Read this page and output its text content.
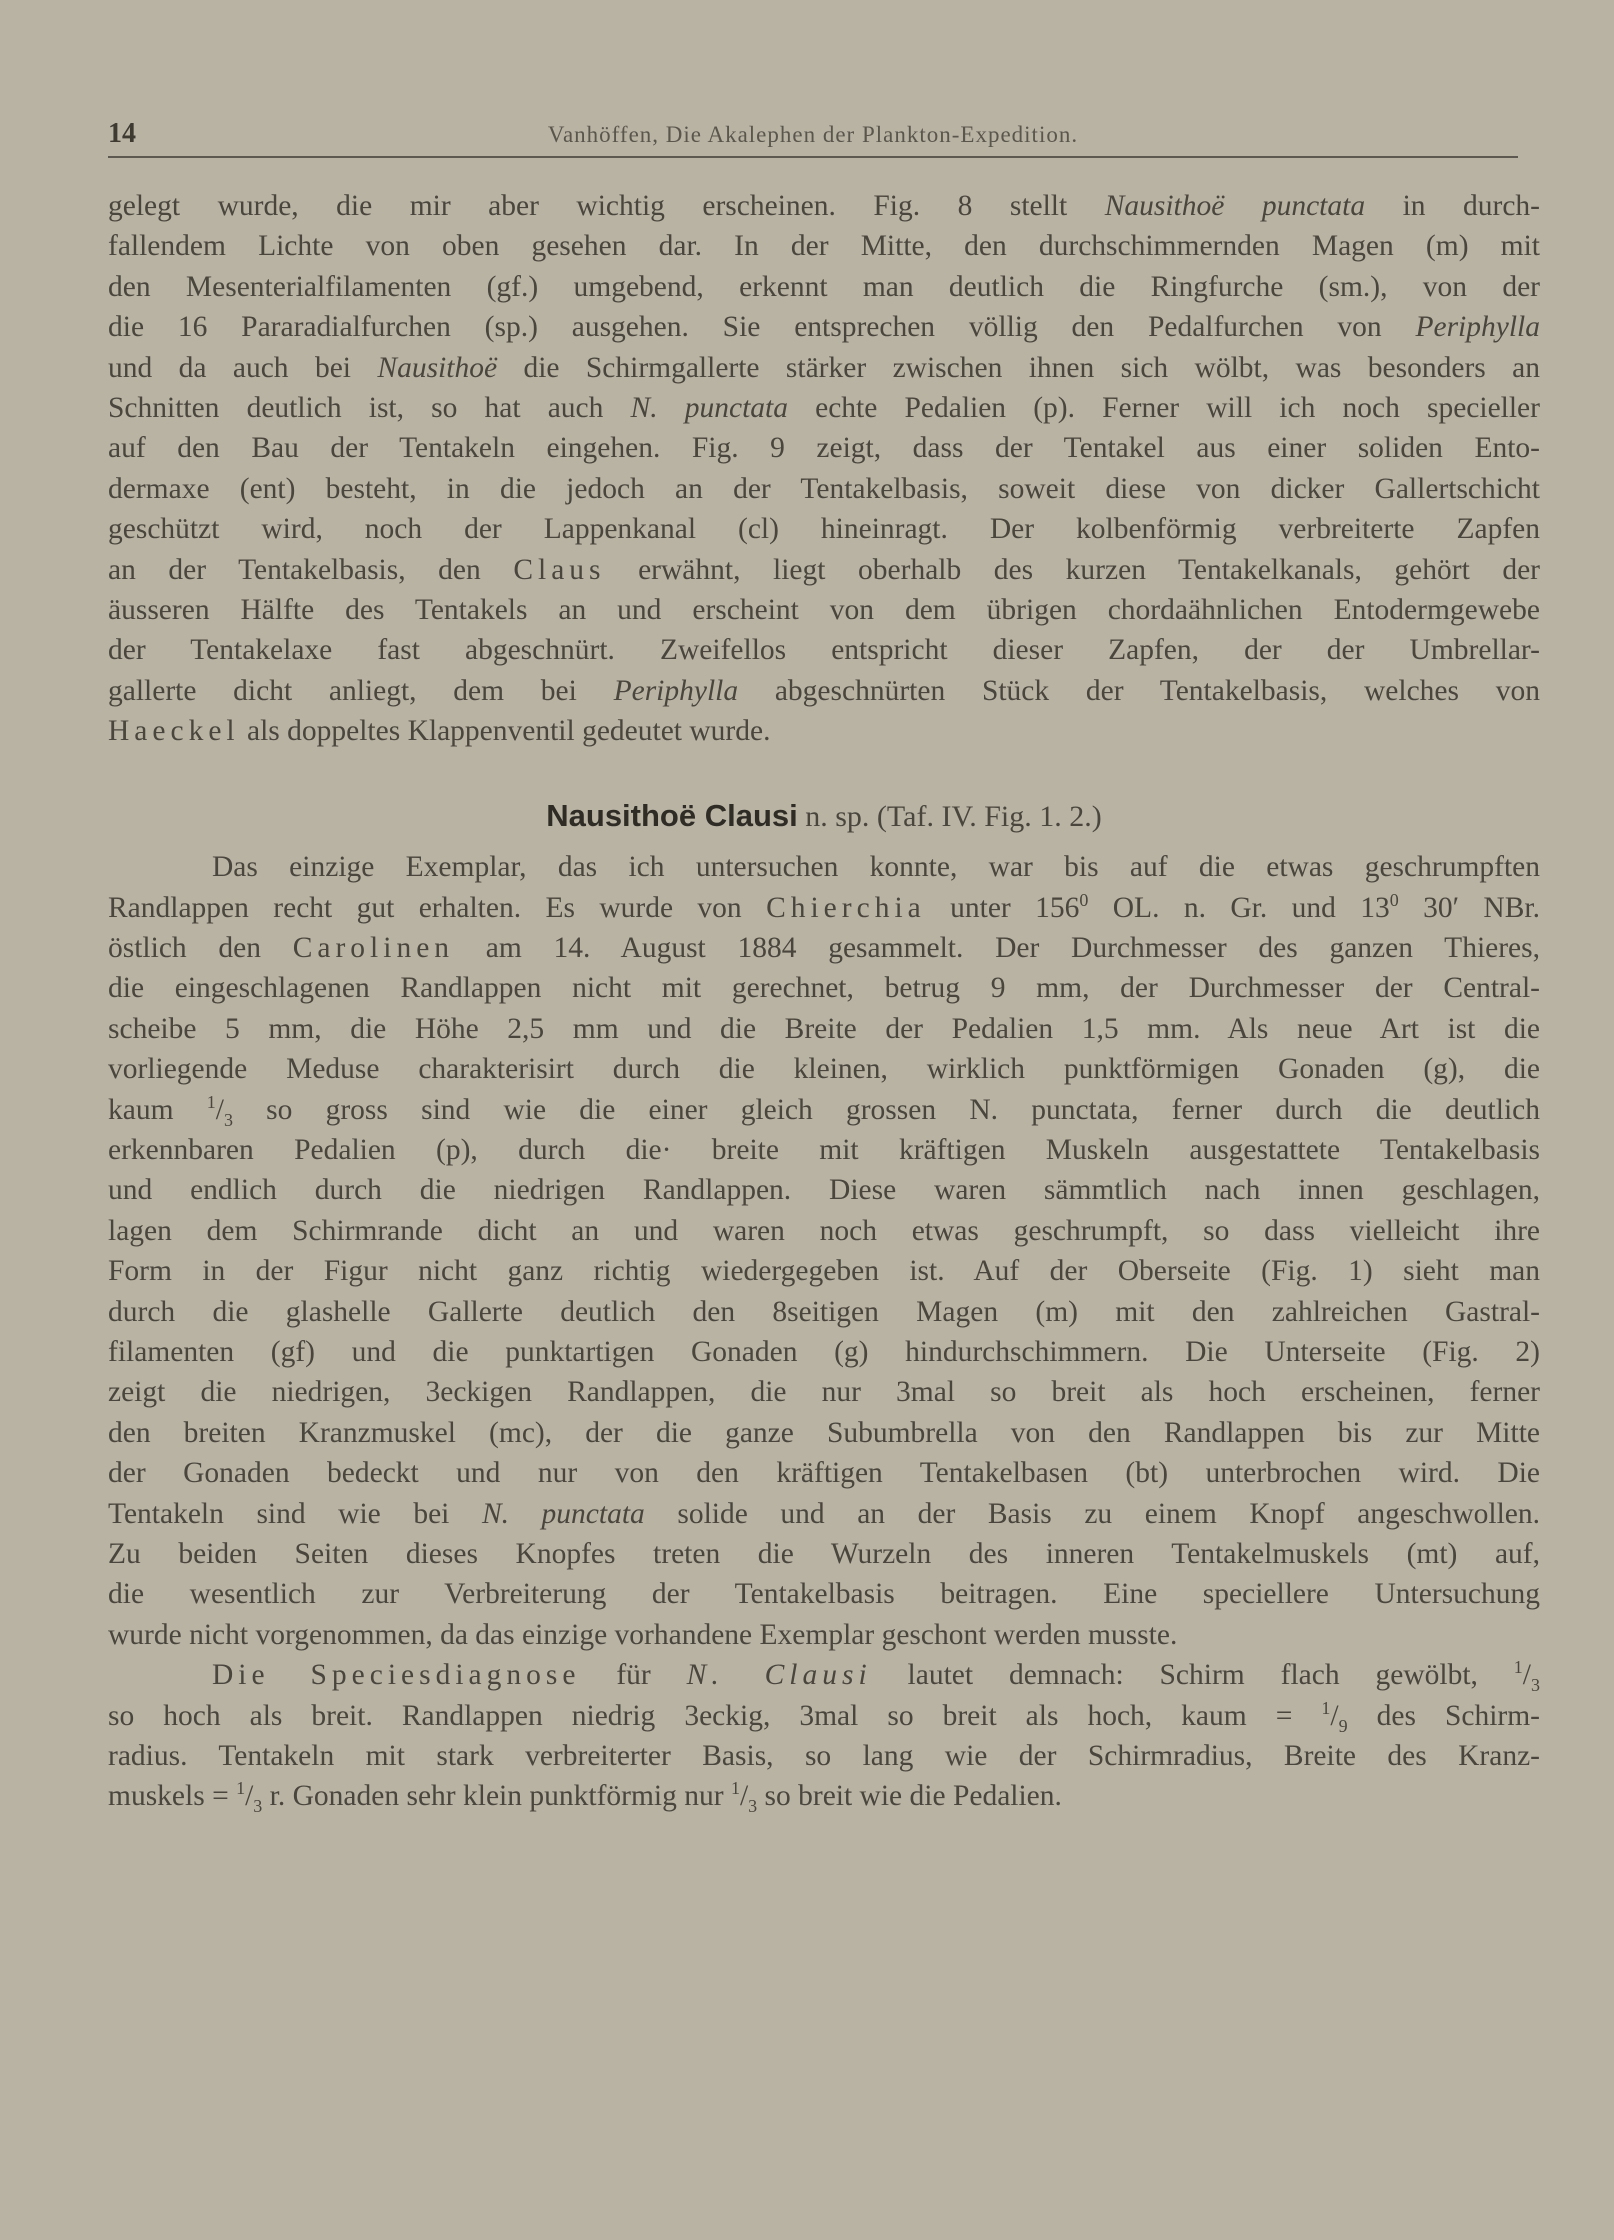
14	Vanhöffen, Die Akalephen der Plankton-Expedition.
gelegt wurde, die mir aber wichtig erscheinen. Fig. 8 stellt Nausithoë punctata in durch-
fallendem Lichte von oben gesehen dar. In der Mitte, den durchschimmernden Magen (m) mit
den Mesenterialfilamenten (gf.) umgebend, erkennt man deutlich die Ringfurche (sm.), von der
die 16 Pararadialfurchen (sp.) ausgehen. Sie entsprechen völlig den Pedalfurchen von Periphylla
und da auch bei Nausithoë die Schirmgallerte stärker zwischen ihnen sich wölbt, was besonders an
Schnitten deutlich ist, so hat auch N. punctata echte Pedalien (p). Ferner will ich noch specieller
auf den Bau der Tentakeln eingehen. Fig. 9 zeigt, dass der Tentakel aus einer soliden Ento-
dermaxe (ent) besteht, in die jedoch an der Tentakelbasis, soweit diese von dicker Gallertschicht
geschützt wird, noch der Lappenkanal (cl) hineinragt. Der kolbenförmig verbreiterte Zapfen
an der Tentakelbasis, den Claus erwähnt, liegt oberhalb des kurzen Tentakelkanals, gehört der
äusseren Hälfte des Tentakels an und erscheint von dem übrigen chordaähnlichen Entodermgewebe
der Tentakelaxe fast abgeschnürt. Zweifellos entspricht dieser Zapfen, der der Umbrellar-
gallerte dicht anliegt, dem bei Periphylla abgeschnürten Stück der Tentakelbasis, welches von
Haeckel als doppeltes Klappenventil gedeutet wurde.
Nausithoë Clausi n. sp. (Taf. IV. Fig. 1. 2.)
Das einzige Exemplar, das ich untersuchen konnte, war bis auf die etwas geschrumpften
Randlappen recht gut erhalten. Es wurde von Chierchia unter $156^0$ OL. n. Gr. und $13^0$ 30′ NBr.
östlich den Carolinen am 14. August 1884 gesammelt. Der Durchmesser des ganzen Thieres,
die eingeschlagenen Randlappen nicht mit gerechnet, betrug 9 mm, der Durchmesser der Central-
scheibe 5 mm, die Höhe 2,5 mm und die Breite der Pedalien 1,5 mm. Als neue Art ist die
vorliegende Meduse charakterisirt durch die kleinen, wirklich punktförmigen Gonaden (g), die
kaum $^1/_3$ so gross sind wie die einer gleich grossen N. punctata, ferner durch die deutlich
erkennbaren Pedalien (p), durch die· breite mit kräftigen Muskeln ausgestattete Tentakelbasis
und endlich durch die niedrigen Randlappen. Diese waren sämmtlich nach innen geschlagen,
lagen dem Schirmrande dicht an und waren noch etwas geschrumpft, so dass vielleicht ihre
Form in der Figur nicht ganz richtig wiedergegeben ist. Auf der Oberseite (Fig. 1) sieht man
durch die glashelle Gallerte deutlich den 8seitigen Magen (m) mit den zahlreichen Gastral-
filamenten (gf) und die punktartigen Gonaden (g) hindurchschimmern. Die Unterseite (Fig. 2)
zeigt die niedrigen, 3eckigen Randlappen, die nur 3mal so breit als hoch erscheinen, ferner
den breiten Kranzmuskel (mc), der die ganze Subumbrella von den Randlappen bis zur Mitte
der Gonaden bedeckt und nur von den kräftigen Tentakelbasen (bt) unterbrochen wird. Die
Tentakeln sind wie bei N. punctata solide und an der Basis zu einem Knopf angeschwollen.
Zu beiden Seiten dieses Knopfes treten die Wurzeln des inneren Tentakelmuskels (mt) auf,
die wesentlich zur Verbreiterung der Tentakelbasis beitragen. Eine speciellere Untersuchung
wurde nicht vorgenommen, da das einzige vorhandene Exemplar geschont werden musste.
Die Speciesdiagnose für N. Clausi lautet demnach: Schirm flach gewölbt, $^1/_3$
so hoch als breit. Randlappen niedrig 3eckig, 3mal so breit als hoch, kaum = $^1/_9$ des Schirm-
radius. Tentakeln mit stark verbreiterter Basis, so lang wie der Schirmradius, Breite des Kranz-
muskels = $^1/_3$ r. Gonaden sehr klein punktförmig nur $^1/_3$ so breit wie die Pedalien.
